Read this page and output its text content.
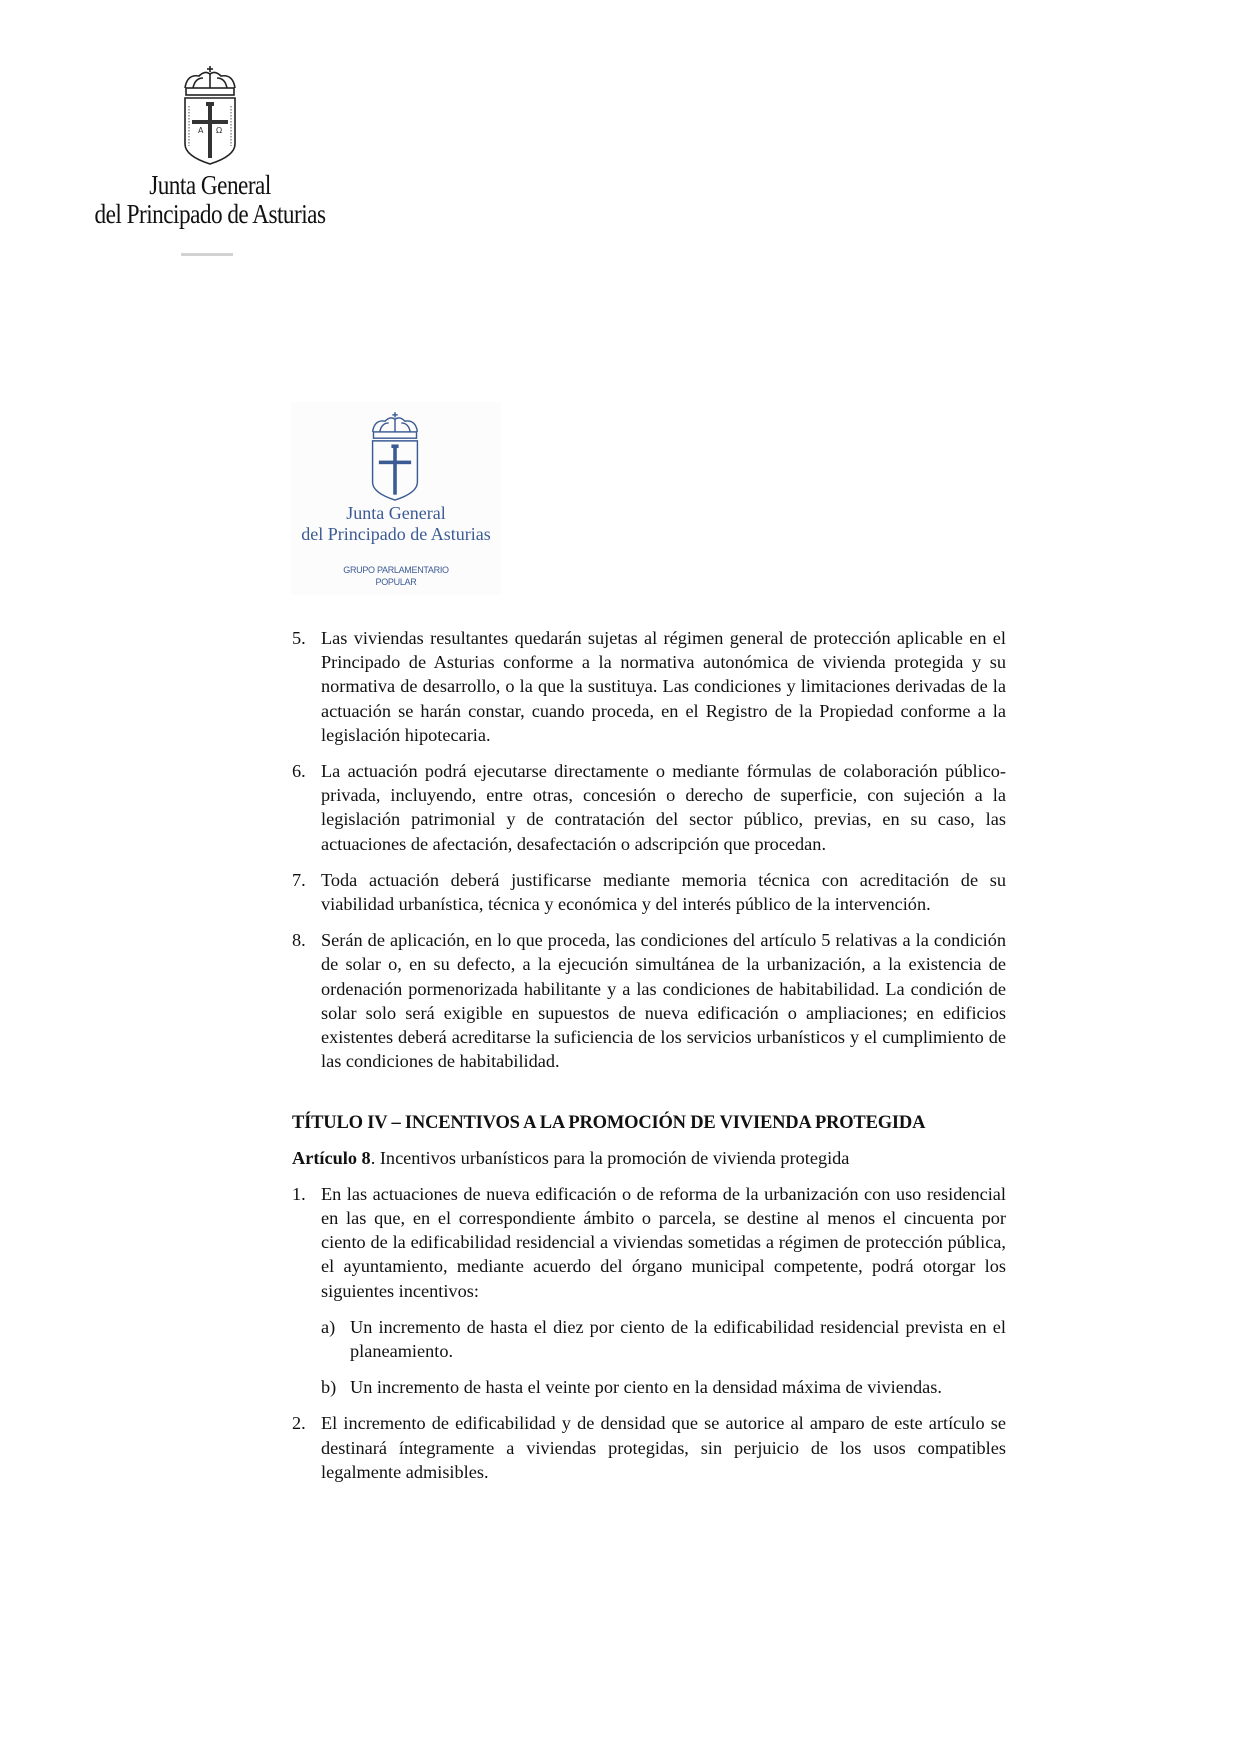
A Ω
Junta General
del Principado de Asturias
Junta General
del Principado de Asturias
GRUPO PARLAMENTARIO
POPULAR
5. Las viviendas resultantes quedarán sujetas al régimen general de protección aplicable en el Principado de Asturias conforme a la normativa autonómica de vivienda protegida y su normativa de desarrollo, o la que la sustituya. Las condiciones y limitaciones derivadas de la actuación se harán constar, cuando proceda, en el Registro de la Propiedad conforme a la legislación hipotecaria.
6. La actuación podrá ejecutarse directamente o mediante fórmulas de colaboración público-privada, incluyendo, entre otras, concesión o derecho de superficie, con sujeción a la legislación patrimonial y de contratación del sector público, previas, en su caso, las actuaciones de afectación, desafectación o adscripción que procedan.
7. Toda actuación deberá justificarse mediante memoria técnica con acreditación de su viabilidad urbanística, técnica y económica y del interés público de la intervención.
8. Serán de aplicación, en lo que proceda, las condiciones del artículo 5 relativas a la condición de solar o, en su defecto, a la ejecución simultánea de la urbanización, a la existencia de ordenación pormenorizada habilitante y a las condiciones de habitabilidad. La condición de solar solo será exigible en supuestos de nueva edificación o ampliaciones; en edificios existentes deberá acreditarse la suficiencia de los servicios urbanísticos y el cumplimiento de las condiciones de habitabilidad.
TÍTULO IV – INCENTIVOS A LA PROMOCIÓN DE VIVIENDA PROTEGIDA
Artículo 8. Incentivos urbanísticos para la promoción de vivienda protegida
1. En las actuaciones de nueva edificación o de reforma de la urbanización con uso residencial en las que, en el correspondiente ámbito o parcela, se destine al menos el cincuenta por ciento de la edificabilidad residencial a viviendas sometidas a régimen de protección pública, el ayuntamiento, mediante acuerdo del órgano municipal competente, podrá otorgar los siguientes incentivos:
a) Un incremento de hasta el diez por ciento de la edificabilidad residencial prevista en el planeamiento.
b) Un incremento de hasta el veinte por ciento en la densidad máxima de viviendas.
2. El incremento de edificabilidad y de densidad que se autorice al amparo de este artículo se destinará íntegramente a viviendas protegidas, sin perjuicio de los usos compatibles legalmente admisibles.
